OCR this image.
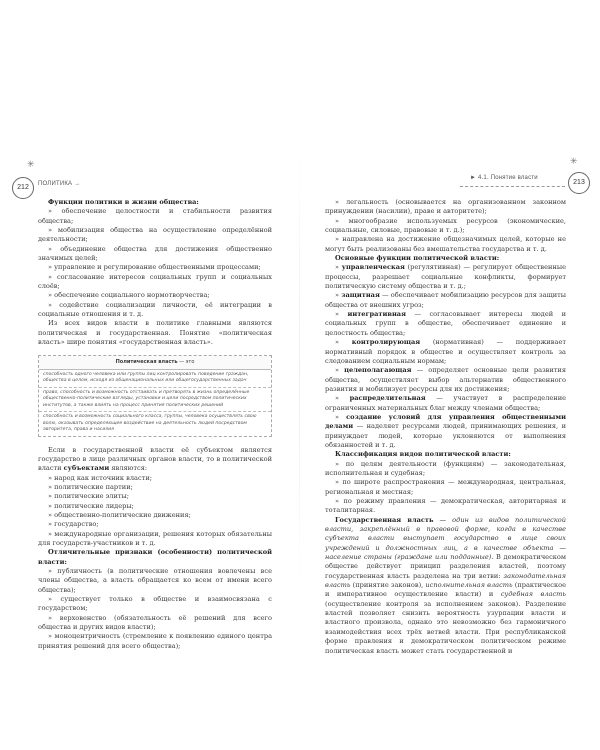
✳
212	ПОЛИТИКА →

Функции политики в жизни общества:

» обеспечение целостности и стабильности развития общества;

» мобилизация общества на осуществление определённой деятельности;

» объединение общества для достижения общественно значимых целей;

» управление и регулирование общественными процессами;

» согласование интересов социальных групп и социальных слоёв;

» обеспечение социального нормотворчества;

» содействие социализации личности, её интеграции в социальные отношения и т. д.

Из всех видов власти в политике главными являются политическая и государственная. Понятие «политическая власть» шире понятия «государственная власть».

Политическая власть — это
способность одного человека или группы лиц контролировать поведение граждан, общества в целом, исходя из общенациональных или общегосударственных задач
право, способность и возможность отстаивать и претворять в жизнь определённые общественно-политические взгляды, установки и цели посредством политических институтов, а также влиять на процесс принятия политических решений
способность и возможность социального класса, группы, человека осуществлять свою волю, оказывать определяющее воздействие на деятельность людей посредством авторитета, права и насилия

Если в государственной власти её субъектом является государство в лице различных органов власти, то в политической власти субъектами являются:

» народ как источник власти;

» политические партии;

» политические элиты;

» политические лидеры;

» общественно-политические движения;

» государство;

» международные организации, решения которых обязательны для государств-участников и т. д.

Отличительные признаки (особенности) политической власти:

» публичность (в политические отношения вовлечены все члены общества, а власть обращается ко всем от имени всего общества);

» существует только в обществе и взаимосвязана с государством;

» верховенство (обязательность её решений для всего общества и других видов власти);

» моноцентричность (стремление к появлению единого центра принятия решений для всего общества);

► 4.1. Понятие власти
✳
213

» легальность (основывается на организованном законном принуждении (насилии), праве и авторитете);

» многообразие используемых ресурсов (экономические, социальные, силовые, правовые и т. д.);

» направлена на достижение общезначимых целей, которые не могут быть реализованы без вмешательства государства и т. д.

Основные функции политической власти:

» управленческая (регулятивная) — регулирует общественные процессы, разрешает социальные конфликты, формирует политическую систему общества и т. д.;

» защитная — обеспечивает мобилизацию ресурсов для защиты общества от внешних угроз;

» интегративная — согласовывает интересы людей и социальных групп в обществе, обеспечивает единение и целостность общества;

» контролирующая (нормативная) — поддерживает нормативный порядок в обществе и осуществляет контроль за следованием социальным нормам;

» целеполагающая — определяет основные цели развития общества, осуществляет выбор альтернатив общественного развития и мобилизует ресурсы для их достижения;

» распределительная — участвует в распределение ограниченных материальных благ между членами общества;

» создание условий для управления общественными делами — наделяет ресурсами людей, принимающих решения, и принуждает людей, которые уклоняются от выполнения обязанностей и т. д.

Классификация видов политической власти:

» по целям деятельности (функциям) — законодательная, исполнительная и судебная;

» по широте распространения — международная, центральная, региональная и местная;

» по режиму правления — демократическая, авторитарная и тоталитарная.

Государственная власть — один из видов политической власти, закреплённый в правовой форме, когда в качестве субъекта власти выступает государство в лице своих учреждений и должностных лиц, а в качестве объекта — население страны (граждане или подданные). В демократическом обществе действует принцип разделения властей, поэтому государственная власть разделена на три ветви: законодательная власть (принятие законов), исполнительная власть (практическое и императивное осуществление власти) и судебная власть (осуществление контроля за исполнением законов). Разделение властей позволяет снизить вероятность узурпации власти и властного произвола, однако это невозможно без гармоничного взаимодействия всех трёх ветвей власти. При республиканской форме правления и демократическом политическом режиме политическая власть может стать государственной и
